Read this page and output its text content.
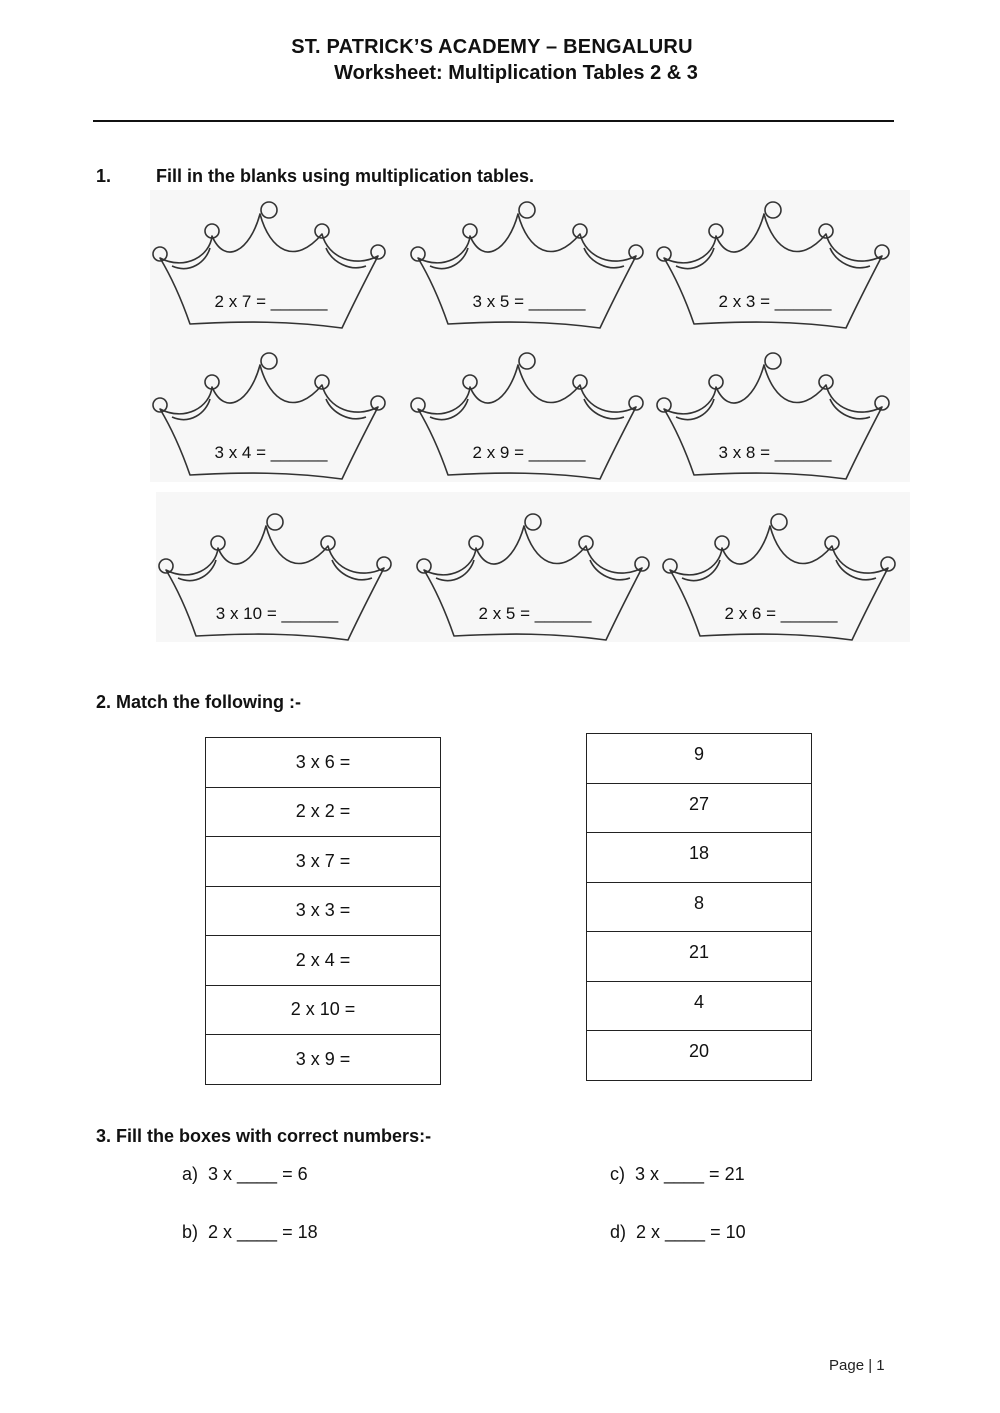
ST. PATRICK’S ACADEMY – BENGALURU
Worksheet: Multiplication Tables 2 & 3
1. Fill in the blanks using multiplication tables.
2 x 7 = ______	3 x 5 = ______	2 x 3 = ______
3 x 4 = ______	2 x 9 = ______	3 x 8 = ______
3 x 10 = ______	2 x 5 = ______	2 x 6 = ______
2. Match the following :-
3 x 6 =
2 x 2 =
3 x 7 =
3 x 3 =
2 x 4 =
2 x 10 =
3 x 9 =
9
27
18
8
21
4
20
3. Fill the boxes with correct numbers:-
a)  3 x ____ = 6
b)  2 x ____ = 18
c)  3 x ____ = 21
d)  2 x ____ = 10
Page | 1
